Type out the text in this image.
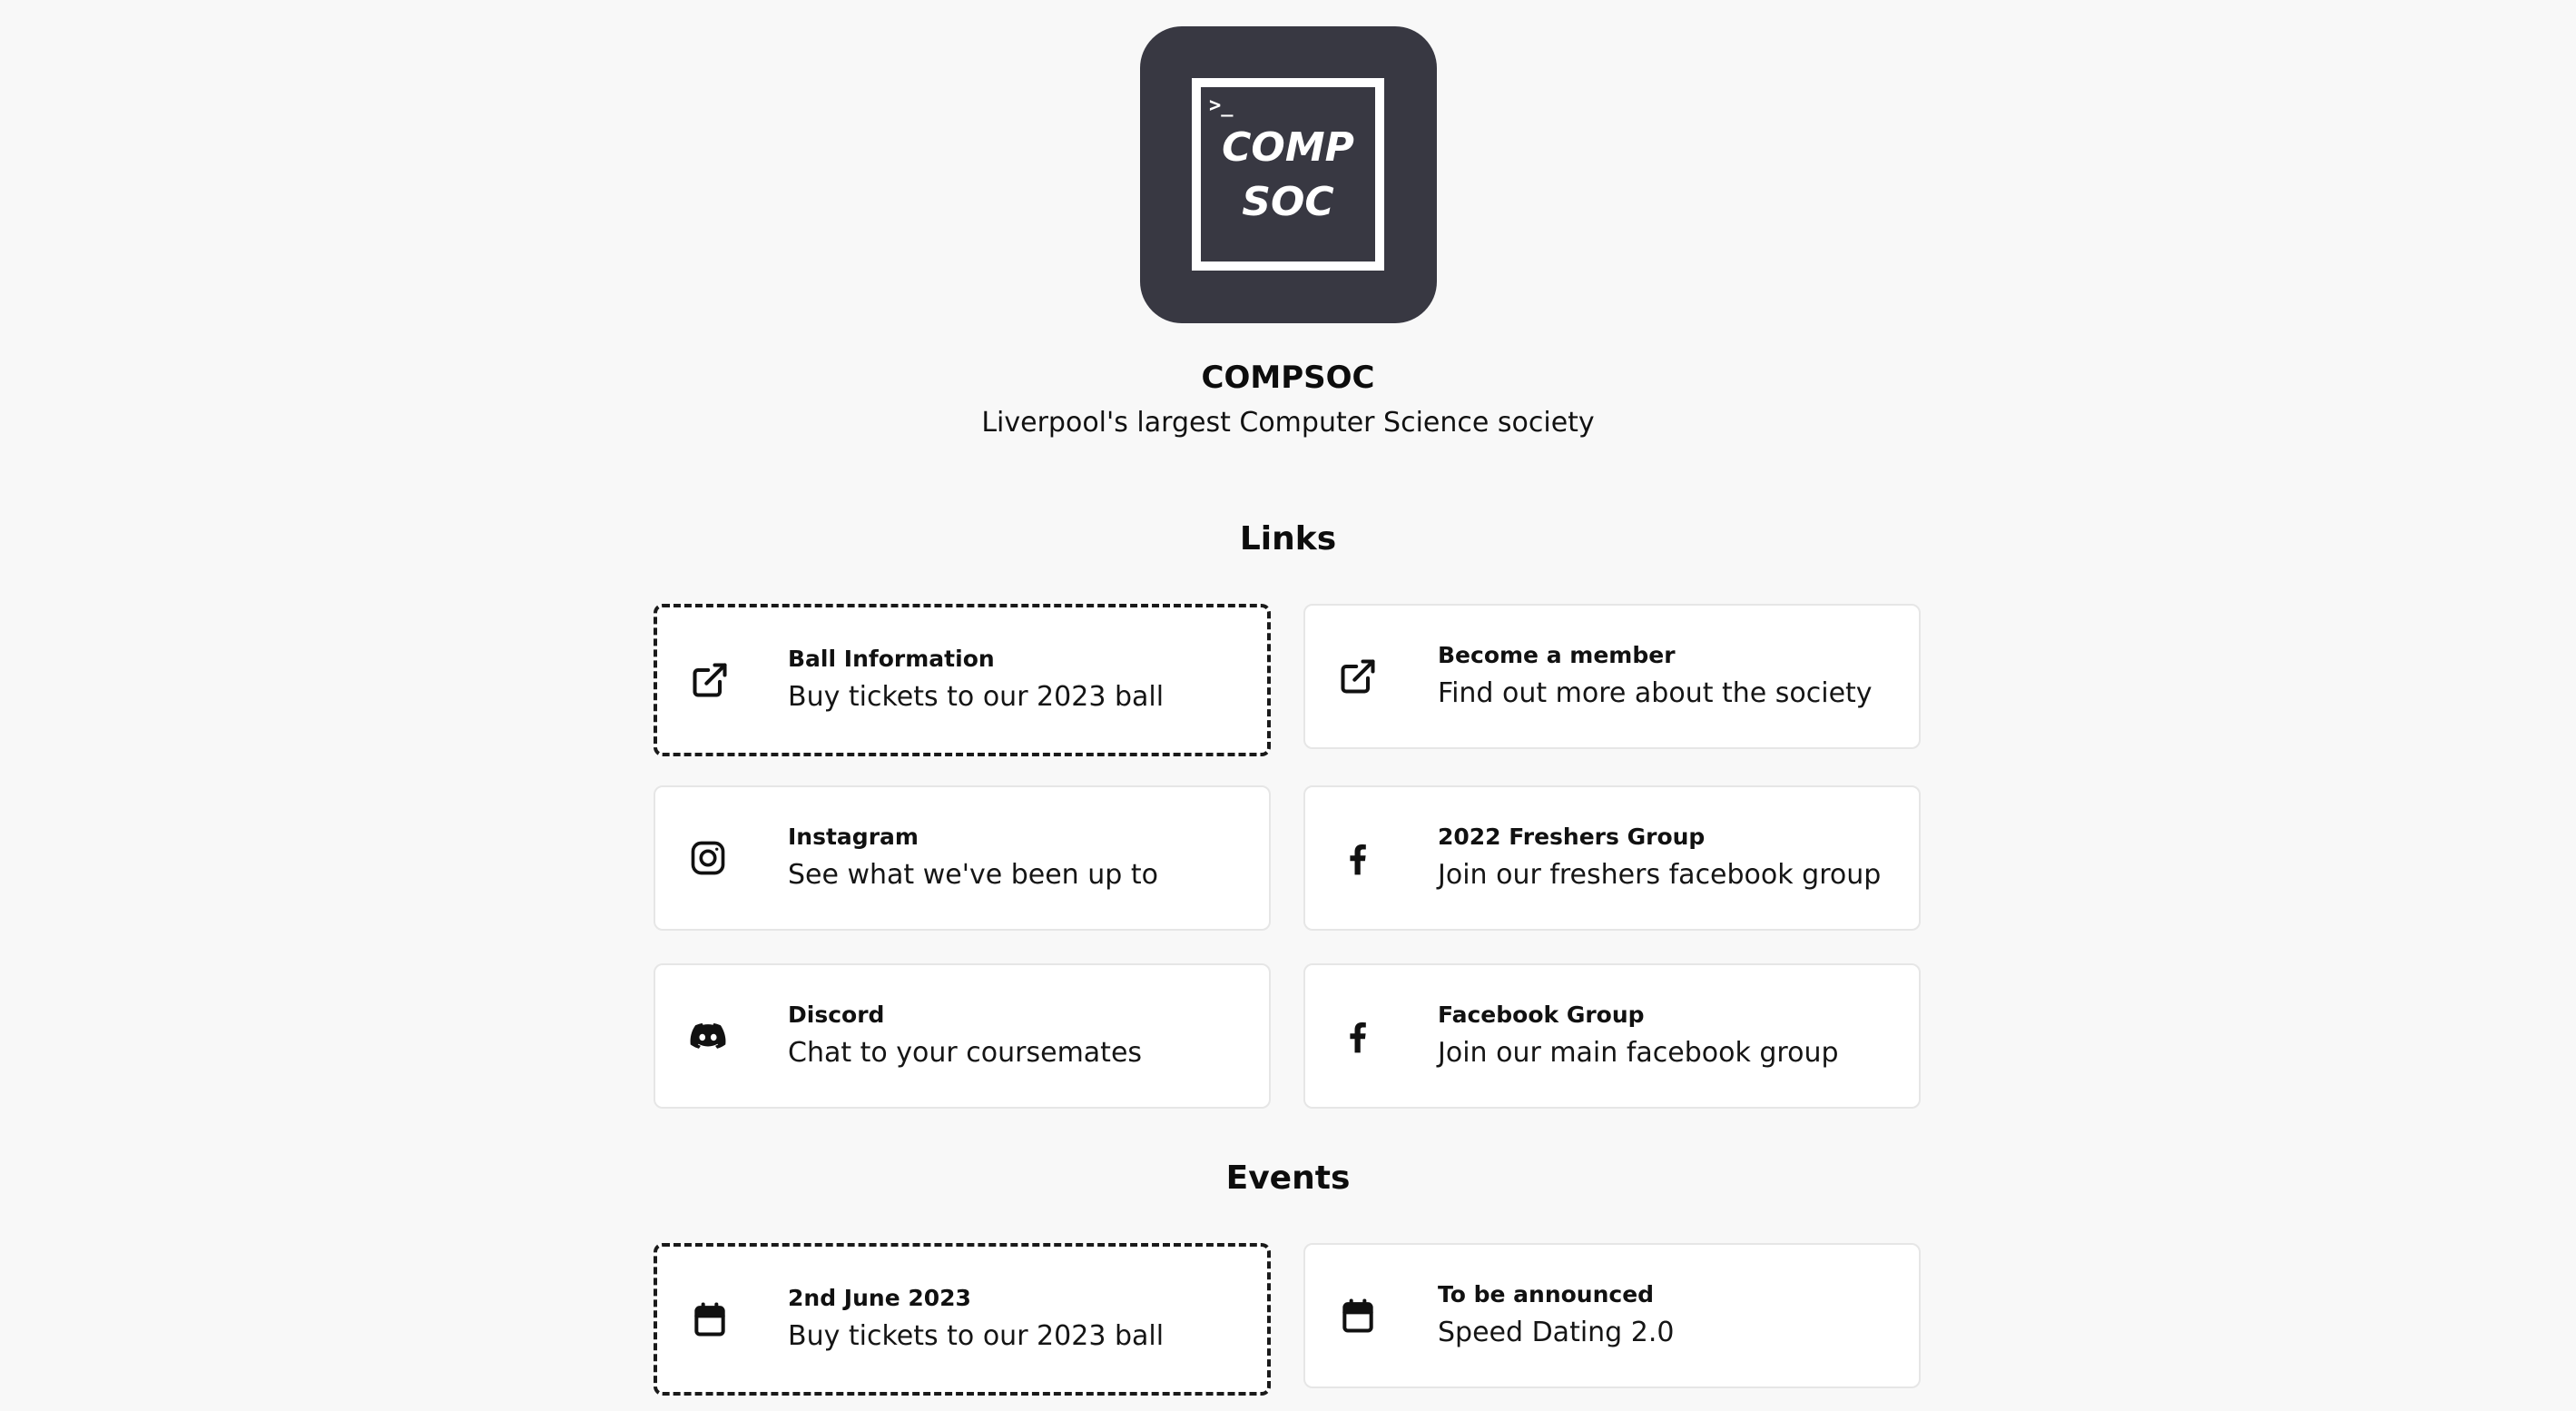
>_
COMP
SOC
COMPSOC
Liverpool's largest Computer Science society
Links
Ball Information
Buy tickets to our 2023 ball
Become a member
Find out more about the society
Instagram
See what we've been up to
2022 Freshers Group
Join our freshers facebook group
Discord
Chat to your coursemates
Facebook Group
Join our main facebook group
Events
2nd June 2023
Buy tickets to our 2023 ball
To be announced
Speed Dating 2.0
